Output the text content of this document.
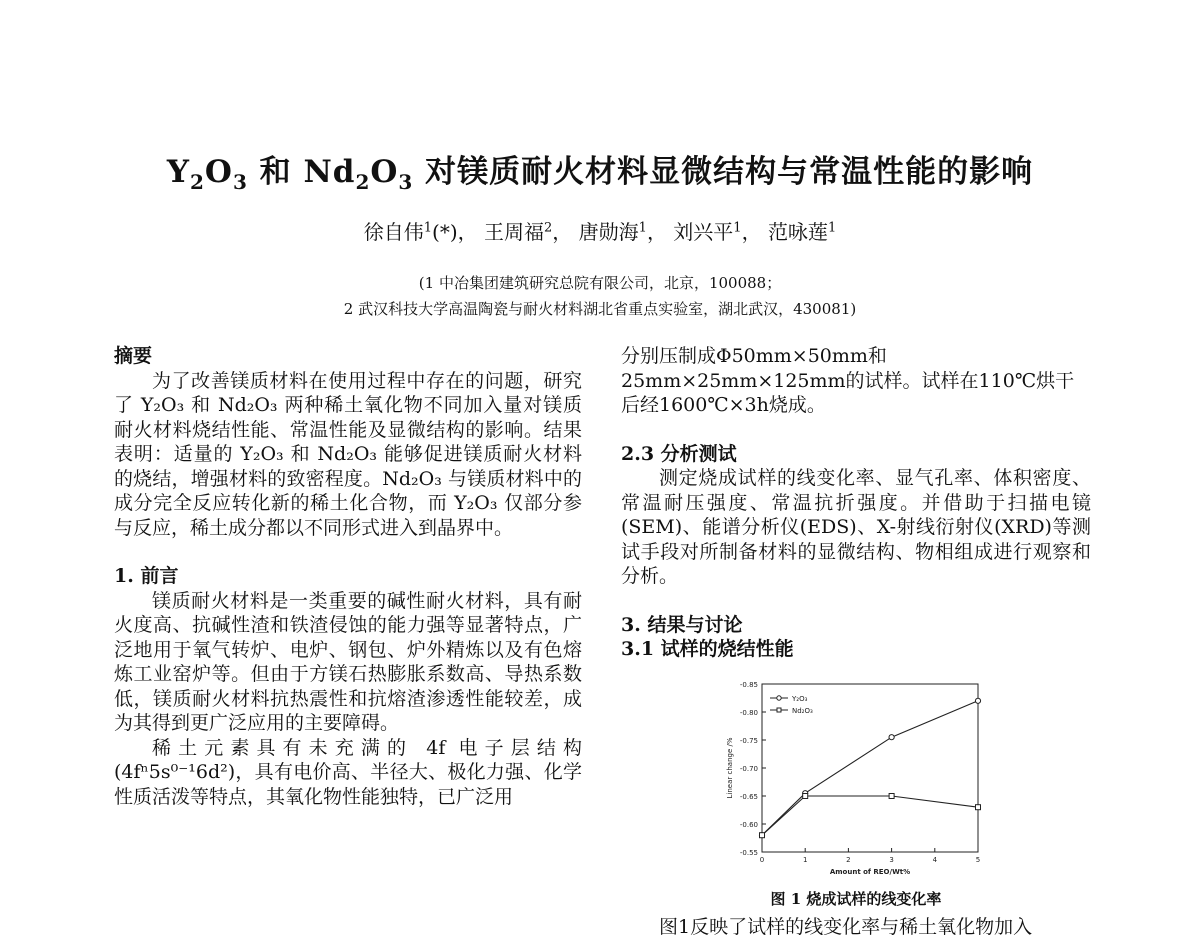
$Y_2O_3$ 和 $Nd_2O_3$ 对镁质耐火材料显微结构与常温性能的影响
徐自伟$^1$(*)， 王周福$^2$， 唐勋海$^1$， 刘兴平$^1$， 范咏莲$^1$
(1 中冶集团建筑研究总院有限公司，北京，100088；
2 武汉科技大学高温陶瓷与耐火材料湖北省重点实验室，湖北武汉，430081)
摘要

为了改善镁质材料在使用过程中存在的问题，研究了 Y₂O₃ 和 Nd₂O₃ 两种稀土氧化物不同加入量对镁质耐火材料烧结性能、常温性能及显微结构的影响。结果表明：适量的 Y₂O₃ 和 Nd₂O₃ 能够促进镁质耐火材料的烧结，增强材料的致密程度。Nd₂O₃ 与镁质材料中的成分完全反应转化新的稀土化合物，而 Y₂O₃ 仅部分参与反应，稀土成分都以不同形式进入到晶界中。

1. 前言

镁质耐火材料是一类重要的碱性耐火材料，具有耐火度高、抗碱性渣和铁渣侵蚀的能力强等显著特点，广泛地用于氧气转炉、电炉、钢包、炉外精炼以及有色熔炼工业窑炉等。但由于方镁石热膨胀系数高、导热系数低，镁质耐火材料抗热震性和抗熔渣渗透性能较差，成为其得到更广泛应用的主要障碍。

稀土元素具有未充满的 4f 电子层结构 (4fⁿ5s⁰⁻¹6d²)，具有电价高、半径大、极化力强、化学性质活泼等特点，其氧化物性能独特，已广泛用

分别压制成Φ50mm×50mm和25mm×25mm×125mm的试样。试样在110℃烘干后经1600℃×3h烧成。

2.3 分析测试

测定烧成试样的线变化率、显气孔率、体积密度、常温耐压强度、常温抗折强度。并借助于扫描电镜(SEM)、能谱分析仪(EDS)、X-射线衍射仪(XRD)等测试手段对所制备材料的显微结构、物相组成进行观察和分析。

3. 结果与讨论
3.1 试样的烧结性能
-0.55
-0.60
-0.65
-0.70
-0.75
-0.80
-0.85
0	1	2	3	4	5
Amount of REO/Wt%
Linear change /%
Y₂O₃
Nd₂O₃
图 1 烧成试样的线变化率
图1反映了试样的线变化率与稀土氧化物加入
